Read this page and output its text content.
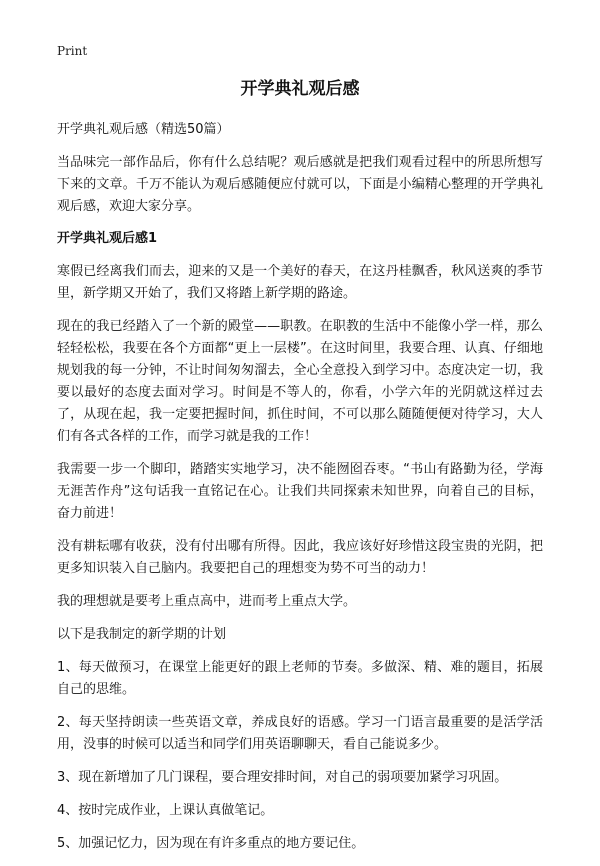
Print
开学典礼观后感
开学典礼观后感（精选50篇）

当品味完一部作品后，你有什么总结呢？观后感就是把我们观看过程中的所思所想写下来的文章。千万不能认为观后感随便应付就可以，下面是小编精心整理的开学典礼观后感，欢迎大家分享。

开学典礼观后感1

寒假已经离我们而去，迎来的又是一个美好的春天，在这丹桂飘香，秋风送爽的季节里，新学期又开始了，我们又将踏上新学期的路途。

现在的我已经踏入了一个新的殿堂——职教。在职教的生活中不能像小学一样，那么轻轻松松，我要在各个方面都“更上一层楼”。在这时间里，我要合理、认真、仔细地规划我的每一分钟，不让时间匆匆溜去，全心全意投入到学习中。态度决定一切，我要以最好的态度去面对学习。时间是不等人的，你看，小学六年的光阴就这样过去了，从现在起，我一定要把握时间，抓住时间，不可以那么随随便便对待学习，大人们有各式各样的工作，而学习就是我的工作！

我需要一步一个脚印，踏踏实实地学习，决不能囫囵吞枣。“书山有路勤为径，学海无涯苦作舟”这句话我一直铭记在心。让我们共同探索未知世界，向着自己的目标，奋力前进！

没有耕耘哪有收获，没有付出哪有所得。因此，我应该好好珍惜这段宝贵的光阴，把更多知识装入自己脑内。我要把自己的理想变为势不可当的动力！

我的理想就是要考上重点高中，进而考上重点大学。

以下是我制定的新学期的计划

1、每天做预习，在课堂上能更好的跟上老师的节奏。多做深、精、难的题目，拓展自己的思维。

2、每天坚持朗读一些英语文章，养成良好的语感。学习一门语言最重要的是活学活用，没事的时候可以适当和同学们用英语聊聊天，看自己能说多少。

3、现在新增加了几门课程，要合理安排时间，对自己的弱项要加紧学习巩固。

4、按时完成作业，上课认真做笔记。

5、加强记忆力，因为现在有许多重点的地方要记住。
